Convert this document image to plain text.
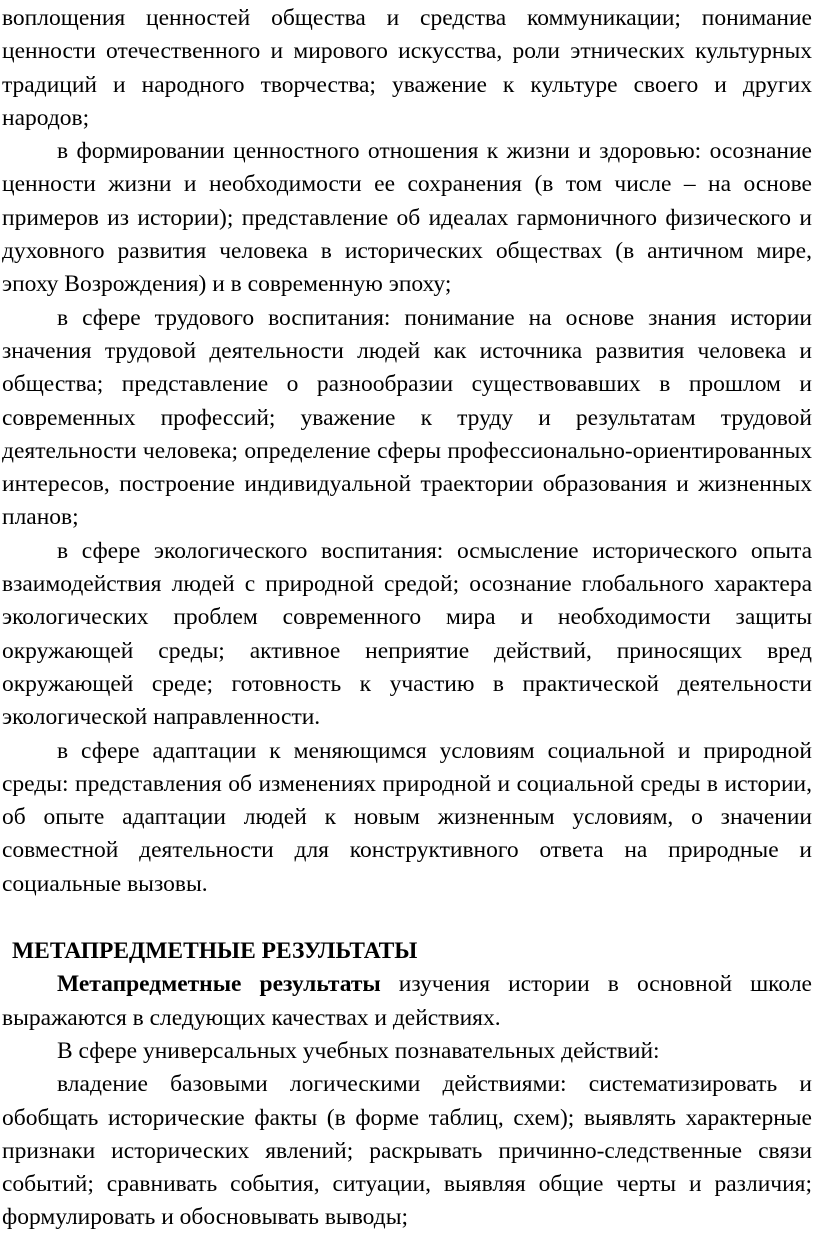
воплощения ценностей общества и средства коммуникации; понимание ценности отечественного и мирового искусства, роли этнических культурных традиций и народного творчества; уважение к культуре своего и других народов;

в формировании ценностного отношения к жизни и здоровью: осознание ценности жизни и необходимости ее сохранения (в том числе – на основе примеров из истории); представление об идеалах гармоничного физического и духовного развития человека в исторических обществах (в античном мире, эпоху Возрождения) и в современную эпоху;

в сфере трудового воспитания: понимание на основе знания истории значения трудовой деятельности людей как источника развития человека и общества; представление о разнообразии существовавших в прошлом и современных профессий; уважение к труду и результатам трудовой деятельности человека; определение сферы профессионально-ориентированных интересов, построение индивидуальной траектории образования и жизненных планов;

в сфере экологического воспитания: осмысление исторического опыта взаимодействия людей с природной средой; осознание глобального характера экологических проблем современного мира и необходимости защиты окружающей среды; активное неприятие действий, приносящих вред окружающей среде; готовность к участию в практической деятельности экологической направленности.

в сфере адаптации к меняющимся условиям социальной и природной среды: представления об изменениях природной и социальной среды в истории, об опыте адаптации людей к новым жизненным условиям, о значении совместной деятельности для конструктивного ответа на природные и социальные вызовы.

МЕТАПРЕДМЕТНЫЕ РЕЗУЛЬТАТЫ

Метапредметные результаты изучения истории в основной школе выражаются в следующих качествах и действиях.

В сфере универсальных учебных познавательных действий:

владение базовыми логическими действиями: систематизировать и обобщать исторические факты (в форме таблиц, схем); выявлять характерные признаки исторических явлений; раскрывать причинно-следственные связи событий; сравнивать события, ситуации, выявляя общие черты и различия; формулировать и обосновывать выводы;
